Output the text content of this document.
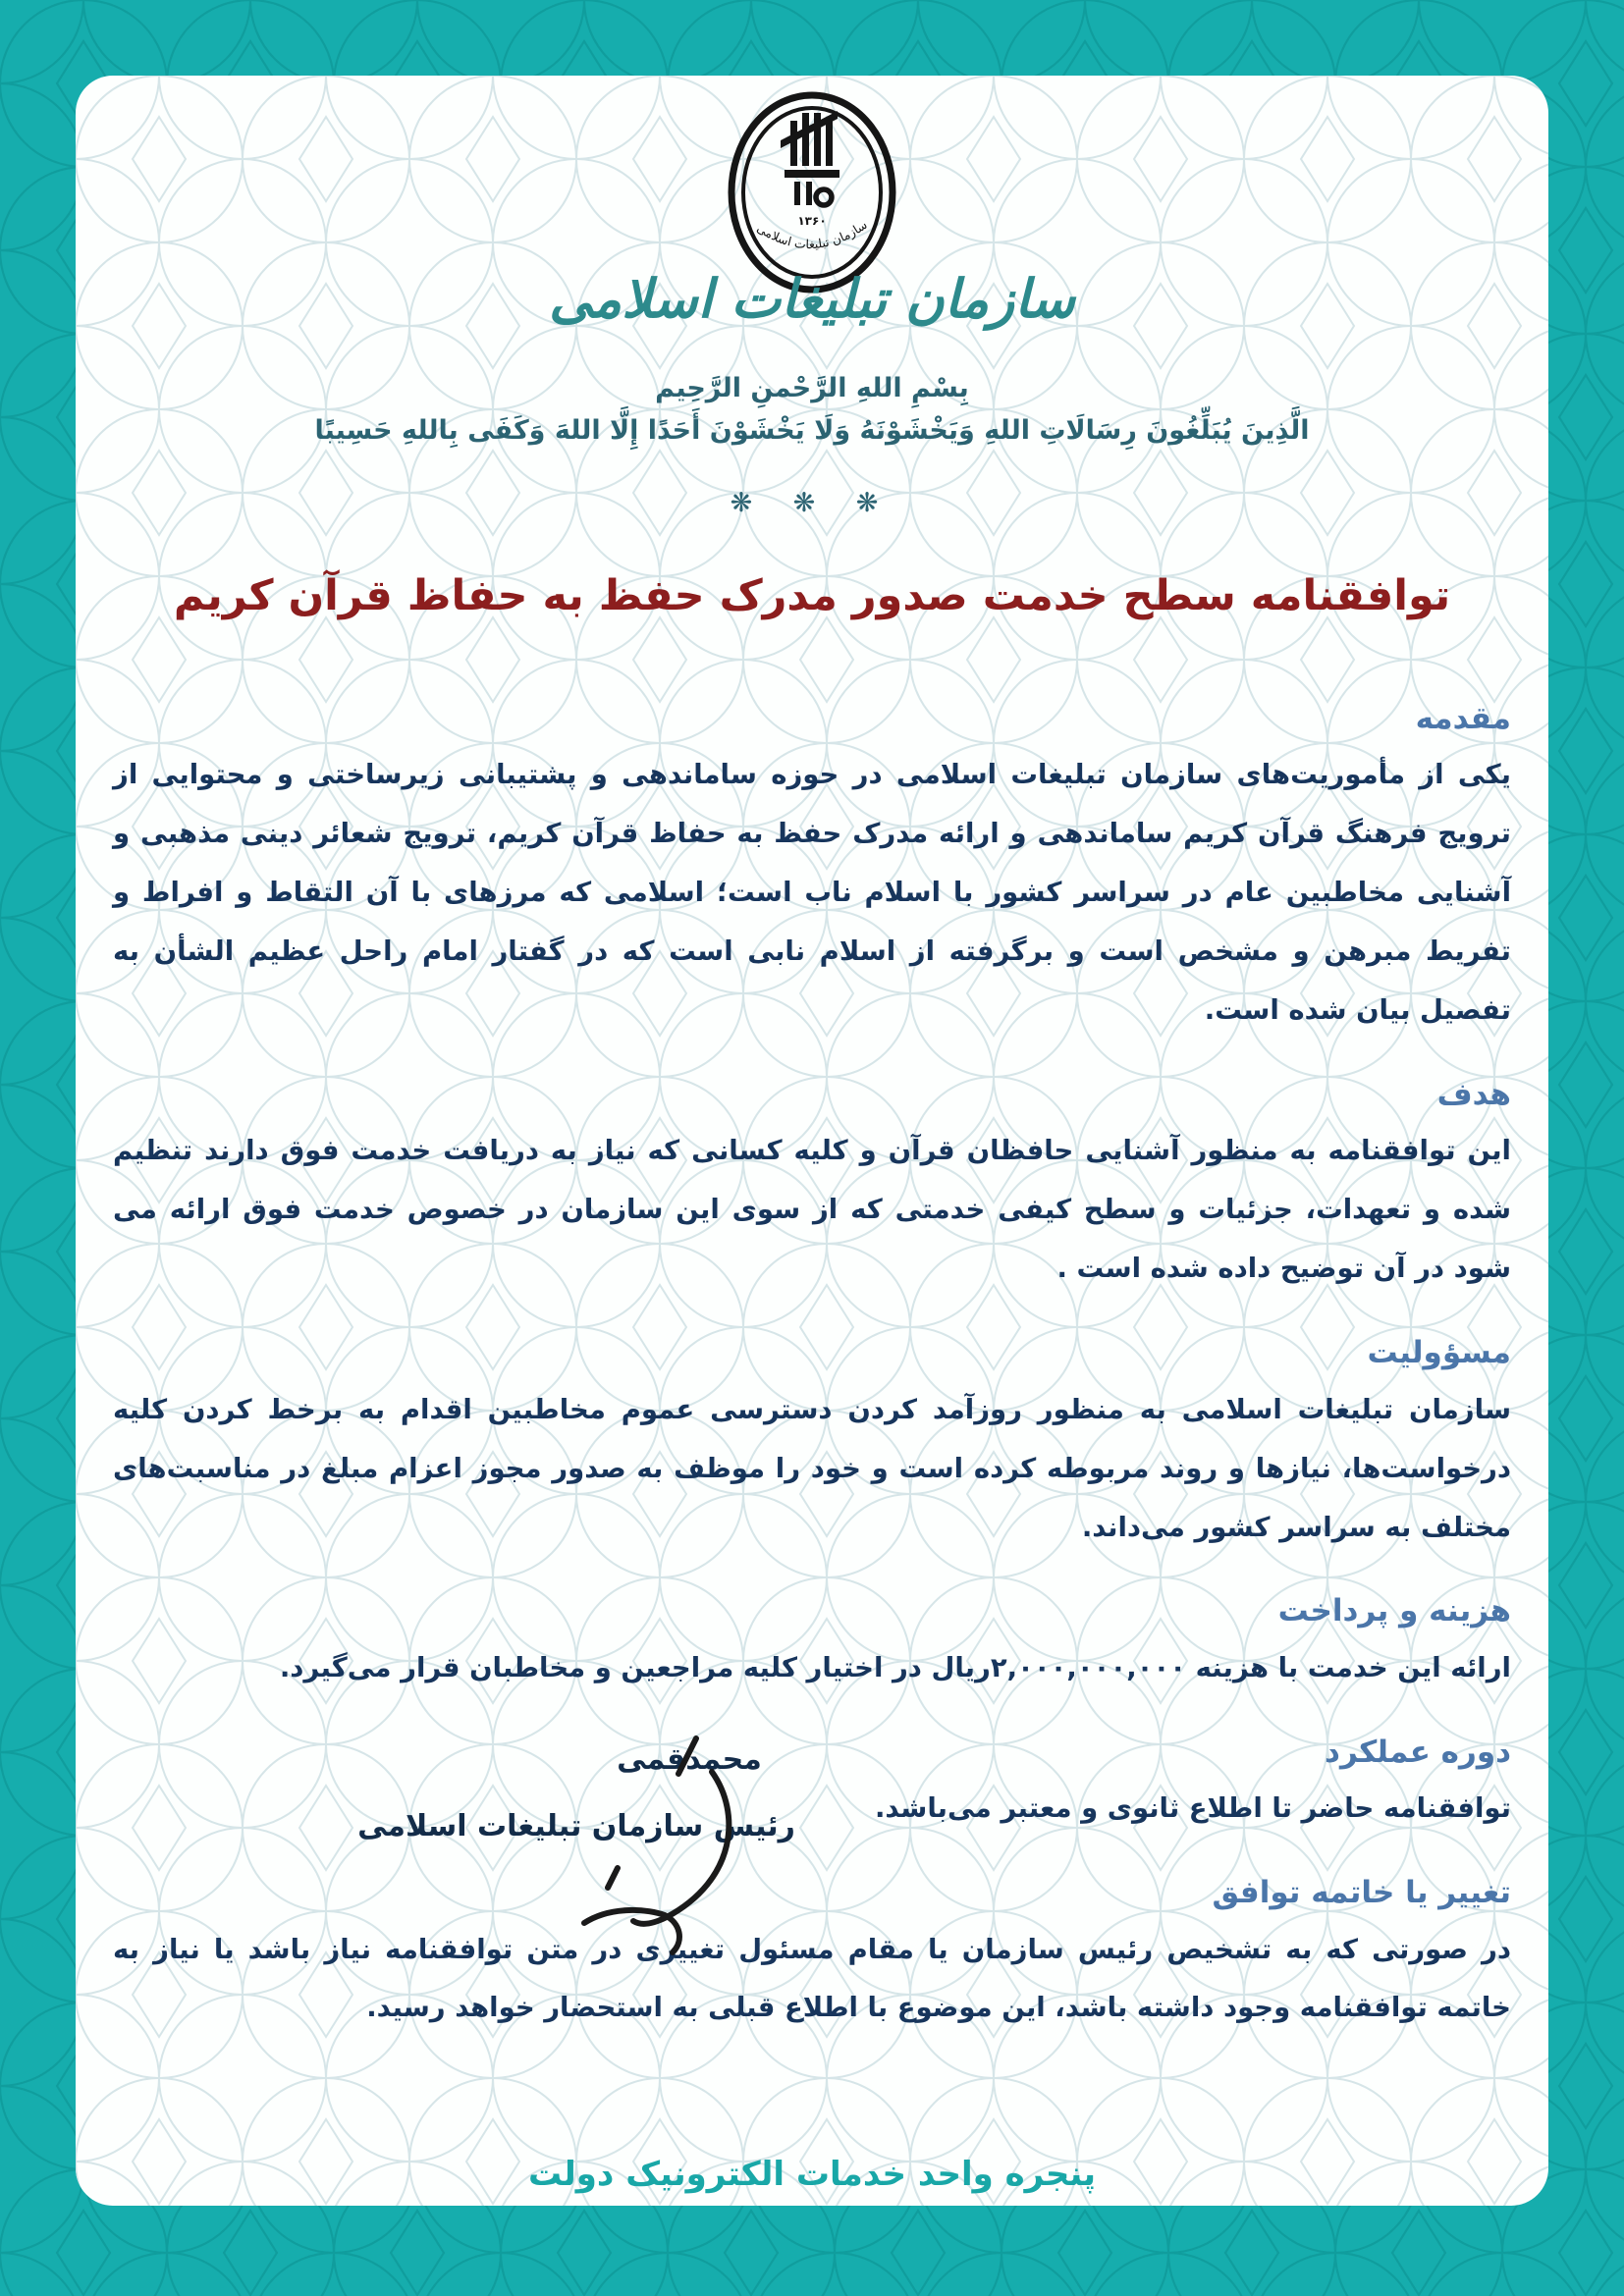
۱۳۶۰
سازمان تبلیغات اسلامی
سازمان تبلیغات اسلامی
بِسْمِ اللهِ الرَّحْمنِ الرَّحِيم
الَّذِينَ يُبَلِّغُونَ رِسَالَاتِ اللهِ وَيَخْشَوْنَهُ وَلَا يَخْشَوْنَ أَحَدًا إِلَّا اللهَ وَكَفَى بِاللهِ حَسِيبًا
❋ ❋ ❋
توافقنامه سطح خدمت صدور مدرک حفظ به حفاظ قرآن کریم
مقدمه

یکی از مأموریت‌های سازمان تبلیغات اسلامی در حوزه ساماندهی و پشتیبانی زیرساختی و محتوایی از ترویج فرهنگ قرآن کریم ساماندهی و ارائه مدرک حفظ به حفاظ قرآن کریم، ترویج شعائر دینی مذهبی و آشنایی مخاطبین عام در سراسر کشور با اسلام ناب است؛ اسلامی که مرزهای با آن التقاط و افراط و تفریط مبرهن و مشخص است و برگرفته از اسلام نابی است که در گفتار امام راحل عظیم الشأن به تفصیل بیان شده است.

هدف

این توافقنامه به منظور آشنایی حافظان قرآن و کلیه کسانی که نیاز به دریافت خدمت فوق دارند تنظیم شده و تعهدات، جزئیات و سطح کیفی خدمتی که از سوی این سازمان در خصوص خدمت فوق ارائه می شود در آن توضیح داده شده است .

مسؤولیت

سازمان تبلیغات اسلامی به منظور روزآمد کردن دسترسی عموم مخاطبین اقدام به برخط کردن کلیه درخواست‌ها، نیازها و روند مربوطه کرده است و خود را موظف به صدور مجوز اعزام مبلغ در مناسبت‌های مختلف به سراسر کشور می‌داند.

هزینه و پرداخت

ارائه این خدمت با هزینه ۲,۰۰۰,۰۰۰,۰۰۰ریال در اختیار کلیه مراجعین و مخاطبان قرار می‌گیرد.

دوره عملکرد

توافقنامه حاضر تا اطلاع ثانوی و معتبر می‌باشد.

تغییر یا خاتمه توافق

در صورتی که به تشخیص رئیس سازمان یا مقام مسئول تغییری در متن توافقنامه نیاز باشد یا نیاز به خاتمه توافقنامه وجود داشته باشد، این موضوع با اطلاع قبلی به استحضار خواهد رسید.

محمدقمی
رئیس سازمان تبلیغات اسلامی
پنجره واحد خدمات الکترونیک دولت
